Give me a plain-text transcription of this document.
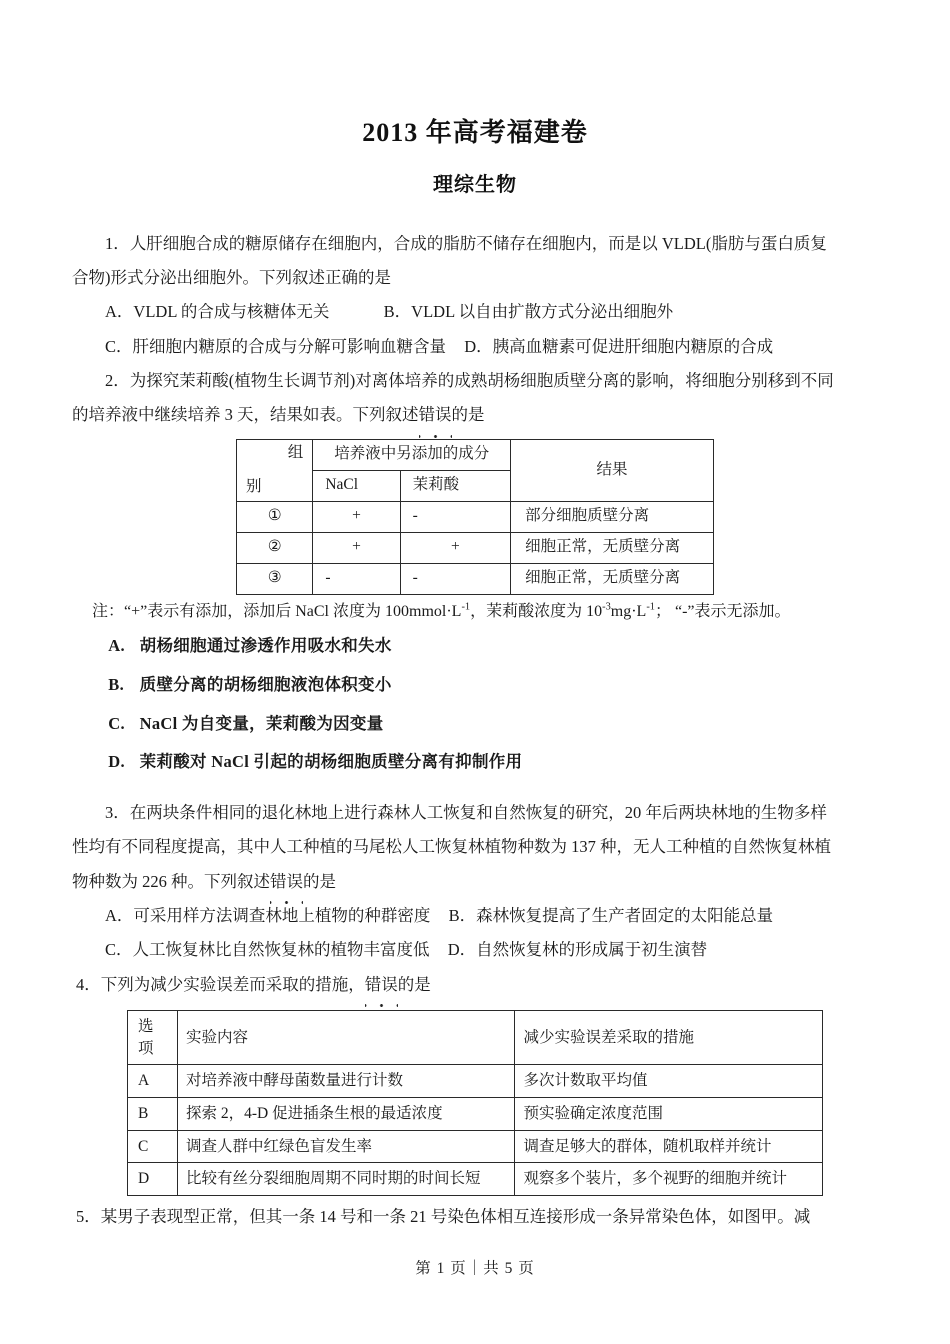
2013 年高考福建卷
理综生物

1．人肝细胞合成的糖原储存在细胞内，合成的脂肪不储存在细胞内，而是以 VLDL(脂肪与蛋白质复

合物)形式分泌出细胞外。下列叙述正确的是

A．VLDL 的合成与核糖体无关	B．VLDL 以自由扩散方式分泌出细胞外

C．肝细胞内糖原的合成与分解可影响血糖含量 D．胰高血糖素可促进肝细胞内糖原的合成

2．为探究茉莉酸(植物生长调节剂)对离体培养的成熟胡杨细胞质壁分离的影响，将细胞分别移到不同

的培养液中继续培养 3 天，结果如表。下列叙述错误的是

组
别	培养液中另添加的成分		结果
	NaCl	茉莉酸	
①	+	-	部分细胞质壁分离
②	+	+	细胞正常，无质壁分离
③	-	-	细胞正常，无质壁分离

注：“+”表示有添加，添加后 NaCl 浓度为 $100mmol\cdot L^{-1}$，茉莉酸浓度为 $10^{-3}mg\cdot L^{-1}$； “-”表示无添加。

A. 胡杨细胞通过渗透作用吸水和失水

B. 质壁分离的胡杨细胞液泡体积变小

C. NaCl 为自变量，茉莉酸为因变量

D. 茉莉酸对 NaCl 引起的胡杨细胞质壁分离有抑制作用

3．在两块条件相同的退化林地上进行森林人工恢复和自然恢复的研究，20 年后两块林地的生物多样

性均有不同程度提高，其中人工种植的马尾松人工恢复林植物种数为 137 种，无人工种植的自然恢复林植

物种数为 226 种。下列叙述错误的是

A．可采用样方法调查林地上植物的种群密度 B．森林恢复提高了生产者固定的太阳能总量

C．人工恢复林比自然恢复林的植物丰富度低 D．自然恢复林的形成属于初生演替

4．下列为减少实验误差而采取的措施，错误的是

选项	实验内容	减少实验误差采取的措施
A	对培养液中酵母菌数量进行计数	多次计数取平均值
B	探索 2，4-D 促进插条生根的最适浓度	预实验确定浓度范围
C	调查人群中红绿色盲发生率	调查足够大的群体，随机取样并统计
D	比较有丝分裂细胞周期不同时期的时间长短	观察多个装片，多个视野的细胞并统计

5．某男子表现型正常，但其一条 14 号和一条 21 号染色体相互连接形成一条异常染色体，如图甲。减

第 1 页｜共 5 页
